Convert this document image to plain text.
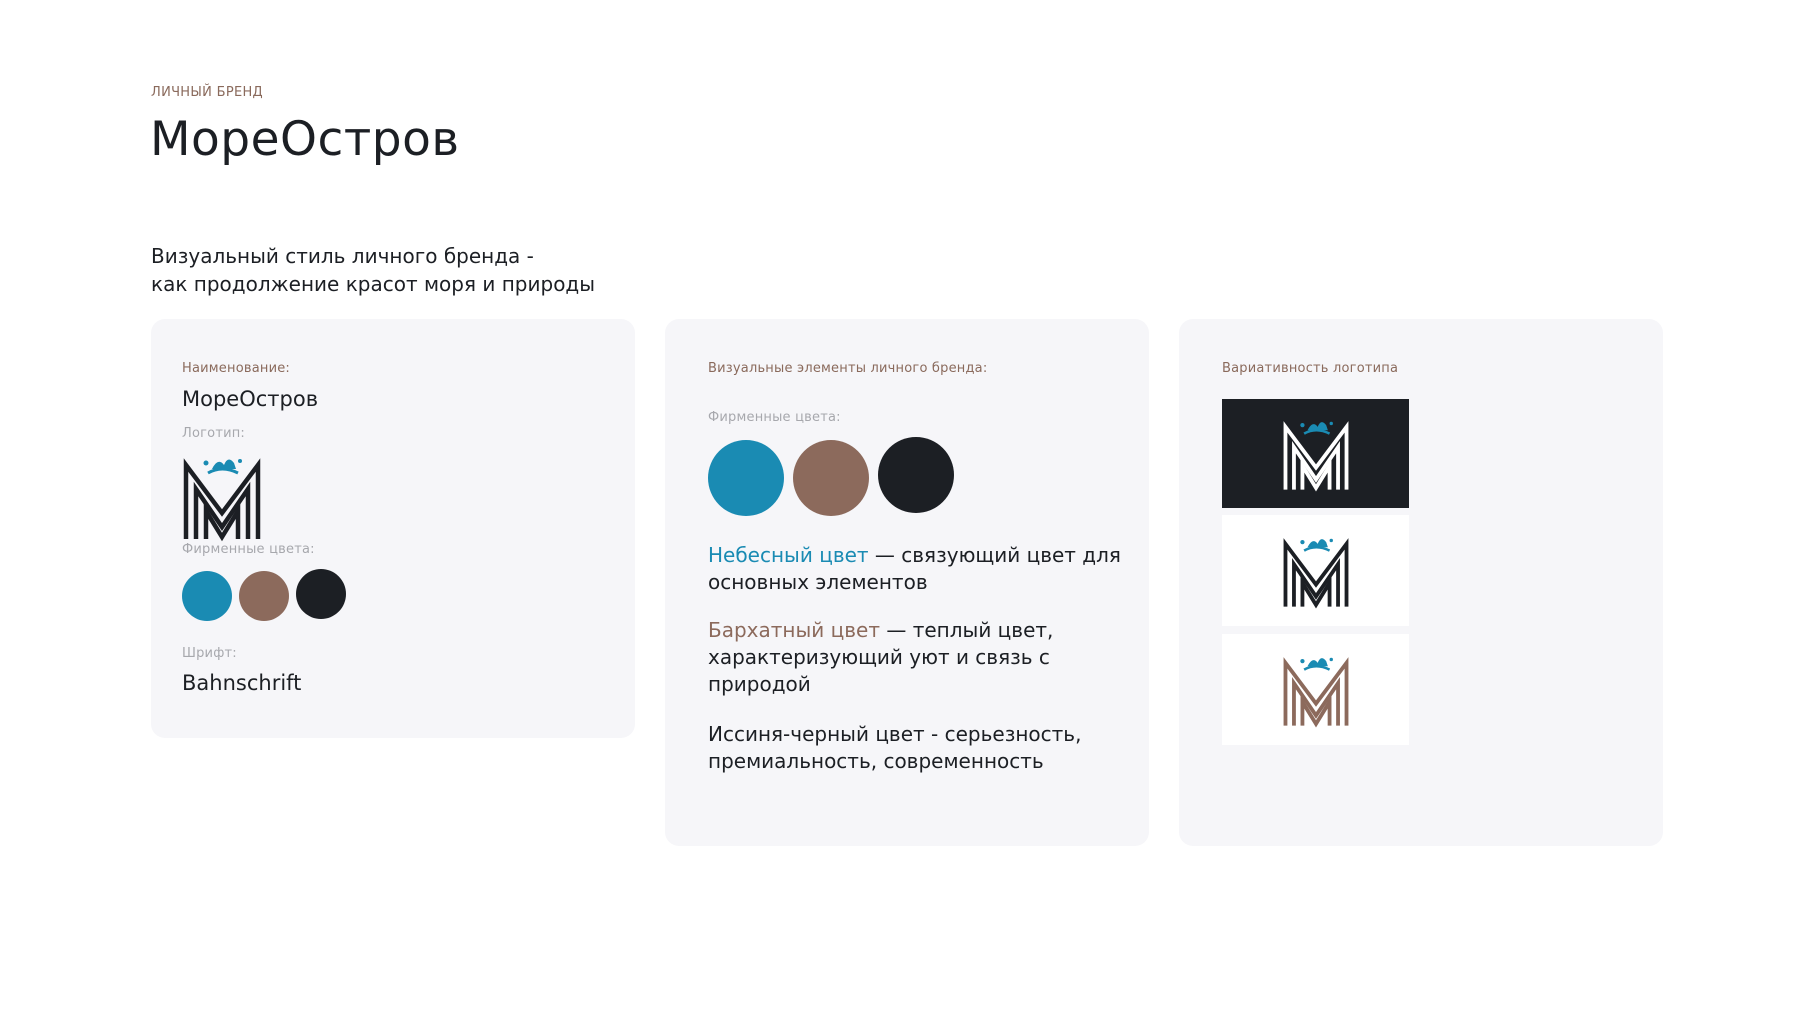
ЛИЧНЫЙ БРЕНД
МореОстров
Визуальный стиль личного бренда -
как продолжение красот моря и природы
Наименование:
МореОстров
Логотип:
Фирменные цвета:
Шрифт:
Bahnschrift
Визуальные элементы личного бренда:
Фирменные цвета:
Небесный цвет — связующий цвет для основных элементов
Бархатный цвет — теплый цвет, характеризующий уют и связь с природой
Иссиня-черный цвет - серьезность, премиальность, современность
Вариативность логотипа
